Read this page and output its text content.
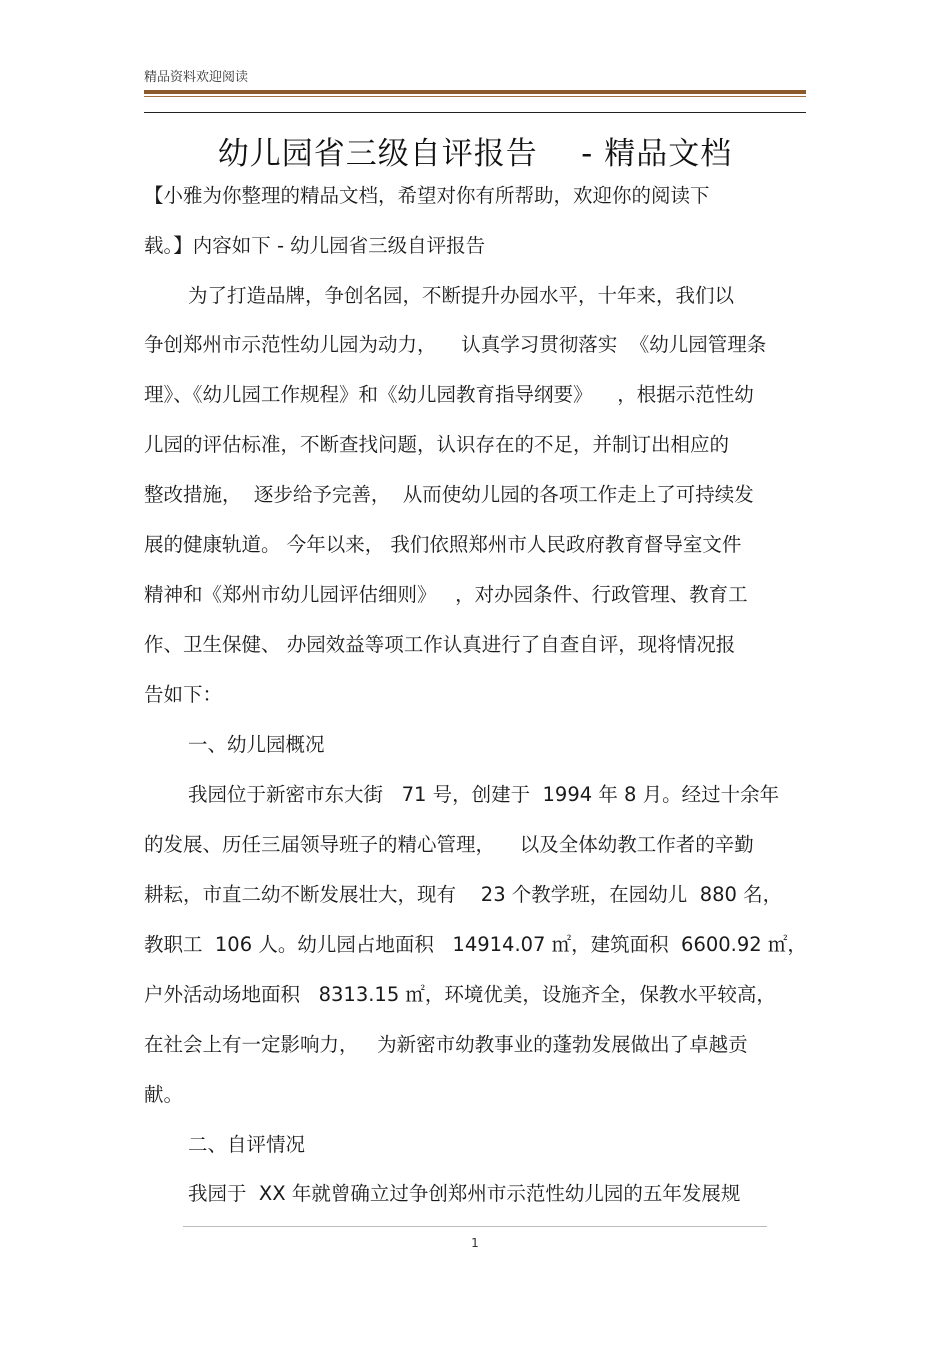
精品资料欢迎阅读
幼儿园省三级自评报告    - 精品文档
【小雅为你整理的精品文档，希望对你有所帮助，欢迎你的阅读下
载。】内容如下 - 幼儿园省三级自评报告
为了打造品牌，争创名园，不断提升办园水平，十年来，我们以
争创郑州市示范性幼儿园为动力，    认真学习贯彻落实  《幼儿园管理条
理》、《幼儿园工作规程》和《幼儿园教育指导纲要》    ，根据示范性幼
儿园的评估标准，不断查找问题，认识存在的不足，并制订出相应的
整改措施，  逐步给予完善，  从而使幼儿园的各项工作走上了可持续发
展的健康轨道。 今年以来， 我们依照郑州市人民政府教育督导室文件
精神和《郑州市幼儿园评估细则》   ，对办园条件、行政管理、教育工
作、卫生保健、 办园效益等项工作认真进行了自查自评，现将情况报
告如下：
一、幼儿园概况
我园位于新密市东大街   71 号，创建于  1994 年 8 月。经过十余年
的发展、历任三届领导班子的精心管理，    以及全体幼教工作者的辛勤
耕耘，市直二幼不断发展壮大，现有    23 个教学班，在园幼儿  880 名，
教职工  106 人。幼儿园占地面积   14914.07 ㎡，建筑面积  6600.92 ㎡，
户外活动场地面积   8313.15 ㎡，环境优美，设施齐全，保教水平较高，
在社会上有一定影响力，   为新密市幼教事业的蓬勃发展做出了卓越贡
献。
二、自评情况
我园于  XX 年就曾确立过争创郑州市示范性幼儿园的五年发展规
1
